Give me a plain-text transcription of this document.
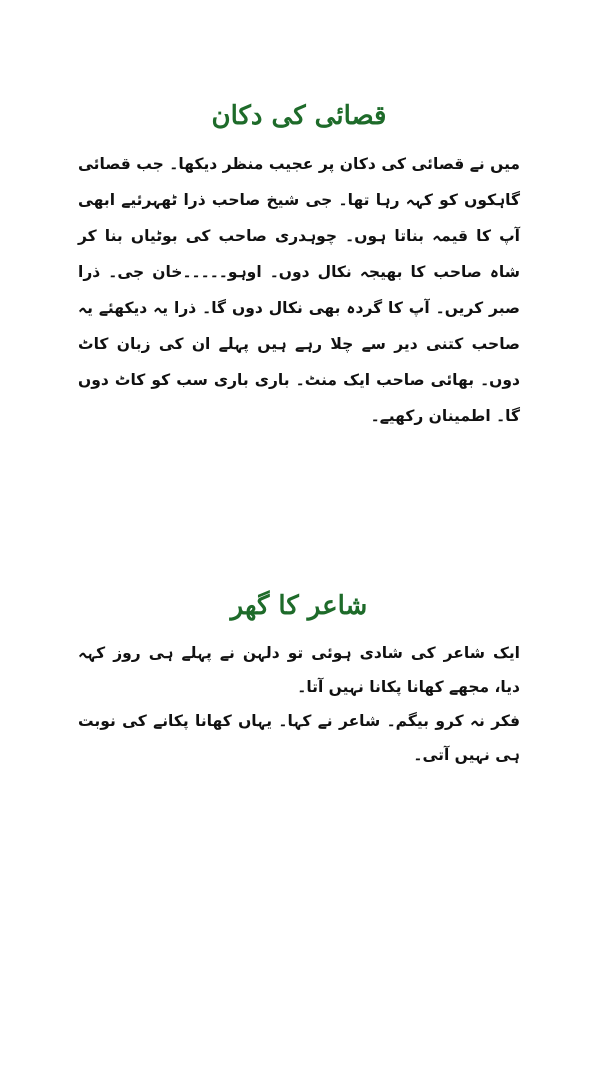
قصائی کی دکان

میں نے قصائی کی دکان پر عجیب منظر دیکھا۔ جب قصائی گاہکوں کو کہہ رہا تھا۔ جی شیخ صاحب ذرا ٹھہرئیے ابھی آپ کا قیمہ بناتا ہوں۔ چوہدری صاحب کی بوٹیاں بنا کر شاہ صاحب کا بھیجہ نکال دوں۔ اوہو۔۔۔۔۔خان جی۔ ذرا صبر کریں۔ آپ کا گردہ بھی نکال دوں گا۔ ذرا یہ دیکھئے یہ صاحب کتنی دیر سے چلا رہے ہیں پہلے ان کی زبان کاٹ دوں۔ بھائی صاحب ایک منٹ۔ باری باری سب کو کاٹ دوں گا۔ اطمینان رکھیے۔

شاعر کا گھر

ایک شاعر کی شادی ہوئی تو دلہن نے پہلے ہی روز کہہ دیا، مجھے کھانا پکانا نہیں آتا۔

فکر نہ کرو بیگم۔ شاعر نے کہا۔ یہاں کھانا پکانے کی نوبت ہی نہیں آتی۔
